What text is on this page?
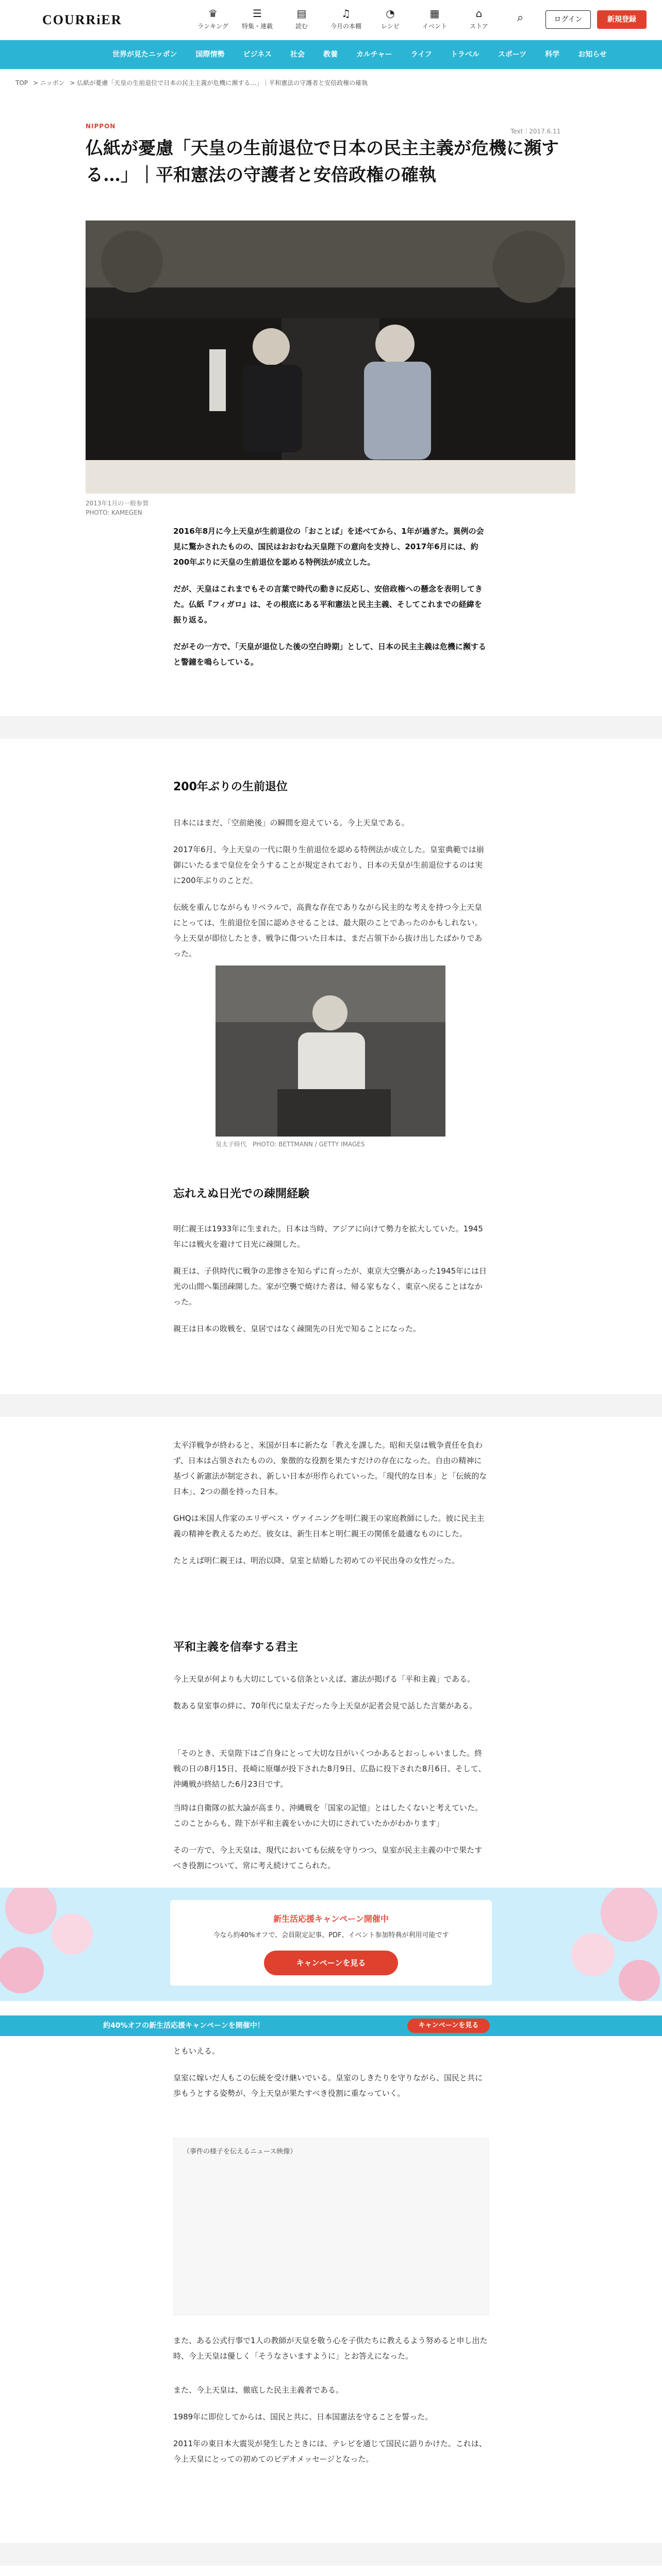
COURRiER	♛
ランキング
☰
特集・連載
▤
読む
♫
今月の本棚
◔
レシピ
▦
イベント
⌂
ストア
⌕	ログイン	新規登録
世界が見たニッポン	国際情勢	ビジネス	社会	教養	カルチャー	ライフ	トラベル	スポーツ	科学	お知らせ
TOP > ニッポン > 仏紙が憂慮「天皇の生前退位で日本の民主主義が危機に瀕する…」｜平和憲法の守護者と安倍政権の確執
NIPPON
Text｜2017.6.11
仏紙が憂慮「天皇の生前退位で日本の民主主義が危機に瀕する…」｜平和憲法の守護者と安倍政権の確執
2013年1月の一般参賀
PHOTO: KAMEGEN

2016年8月に今上天皇が生前退位の「おことば」を述べてから、1年が過ぎた。異例の会見に驚かされたものの、国民はおおむね天皇陛下の意向を支持し、2017年6月には、約200年ぶりに天皇の生前退位を認める特例法が成立した。

だが、天皇はこれまでもその言葉で時代の動きに反応し、安倍政権への懸念を表明してきた。仏紙『フィガロ』は、その根底にある平和憲法と民主主義、そしてこれまでの経緯を振り返る。

だがその一方で、「天皇が退位した後の空白時期」として、日本の民主主義は危機に瀕すると警鐘を鳴らしている。

200年ぶりの生前退位

日本にはまだ、「空前絶後」の瞬間を迎えている。今上天皇である。

2017年6月、今上天皇の一代に限り生前退位を認める特例法が成立した。皇室典範では崩御にいたるまで皇位を全うすることが規定されており、日本の天皇が生前退位するのは実に200年ぶりのことだ。

伝統を重んじながらもリベラルで、高貴な存在でありながら民主的な考えを持つ今上天皇にとっては、生前退位を国に認めさせることは、最大限のことであったのかもしれない。今上天皇が即位したとき、戦争に傷ついた日本は、まだ占領下から抜け出したばかりであった。

皇太子時代　PHOTO: BETTMANN / GETTY IMAGES
忘れえぬ日光での疎開経験

明仁親王は1933年に生まれた。日本は当時、アジアに向けて勢力を拡大していた。1945年には戦火を避けて日光に疎開した。

親王は、子供時代に戦争の悲惨さを知らずに育ったが、東京大空襲があった1945年には日光の山間へ集団疎開した。家が空襲で焼けた者は、帰る家もなく、東京へ戻ることはなかった。

親王は日本の敗戦を、皇居ではなく疎開先の日光で知ることになった。

太平洋戦争が終わると、米国が日本に新たな「教えを課した。昭和天皇は戦争責任を負わず、日本は占領されたものの、象徴的な役割を果たすだけの存在になった。自由の精神に基づく新憲法が制定され、新しい日本が形作られていった。「現代的な日本」と「伝統的な日本」、2つの顔を持った日本。

GHQは米国人作家のエリザベス・ヴァイニングを明仁親王の家庭教師にした。彼に民主主義の精神を教えるためだ。彼女は、新生日本と明仁親王の関係を最適なものにした。

たとえば明仁親王は、明治以降、皇室と結婚した初めての平民出身の女性だった。

平和主義を信奉する君主

今上天皇が何よりも大切にしている信条といえば、憲法が掲げる「平和主義」である。

数ある皇室事の絆に、70年代に皇太子だった今上天皇が記者会見で話した言葉がある。

「そのとき、天皇陛下はご自身にとって大切な日がいくつかあるとおっしゃいました。終戦の日の8月15日、長崎に原爆が投下された8月9日、広島に投下された8月6日、そして、沖縄戦が終結した6月23日です。

当時は自衛隊の拡大論が高まり、沖縄戦を「国家の記憶」とはしたくないと考えていた。このことからも、陛下が平和主義をいかに大切にされていたかがわかります」

その一方で、今上天皇は、現代においても伝統を守りつつ、皇室が民主主義の中で果たすべき役割について、常に考え続けてこられた。

新生活応援キャンペーン開催中
今なら約40%オフで、会員限定記事、PDF、イベント参加特典が利用可能です
キャンペーンを見る
約40%オフの新生活応援キャンペーンを開催中！	キャンペーンを見る

ともいえる。

皇室に嫁いだ人もこの伝統を受け継いでいる。皇室のしきたりを守りながら、国民と共に歩もうとする姿勢が、今上天皇が果たすべき役割に重なっていく。

（事件の様子を伝えるニュース映像）

また、ある公式行事で1人の教師が天皇を敬う心を子供たちに教えるよう努めると申し出た時、今上天皇は優しく「そうなさいますように」とお答えになった。

また、今上天皇は、徹底した民主主義者である。

1989年に即位してからは、国民と共に、日本国憲法を守ることを誓った。

2011年の東日本大震災が発生したときには、テレビを通じて国民に語りかけた。これは、今上天皇にとっての初めてのビデオメッセージとなった。
